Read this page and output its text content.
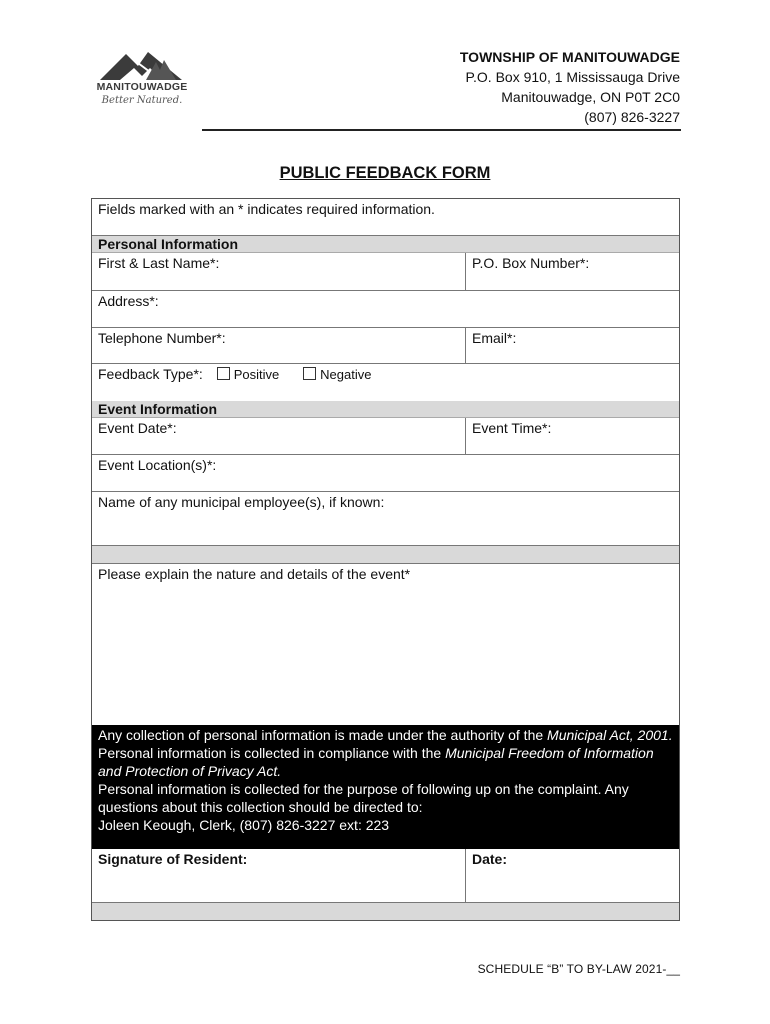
MANITOUWADGE
Better Natured.
TOWNSHIP OF MANITOUWADGE
P.O. Box 910, 1 Mississauga Drive
Manitouwadge, ON P0T 2C0
(807) 826-3227
PUBLIC FEEDBACK FORM
Fields marked with an * indicates required information.
Personal Information
First & Last Name*:	P.O. Box Number*:
Address*:
Telephone Number*:	Email*:
Feedback Type*: Positive	Negative
Event Information
Event Date*:	Event Time*:
Event Location(s)*:
Name of any municipal employee(s), if known:
Please explain the nature and details of the event*
Any collection of personal information is made under the authority of the Municipal Act, 2001. Personal information is collected in compliance with the Municipal Freedom of Information and Protection of Privacy Act.
Personal information is collected for the purpose of following up on the complaint. Any questions about this collection should be directed to:
Joleen Keough, Clerk, (807) 826-3227 ext: 223
Signature of Resident:	Date:
SCHEDULE “B” TO BY-LAW 2021-__
